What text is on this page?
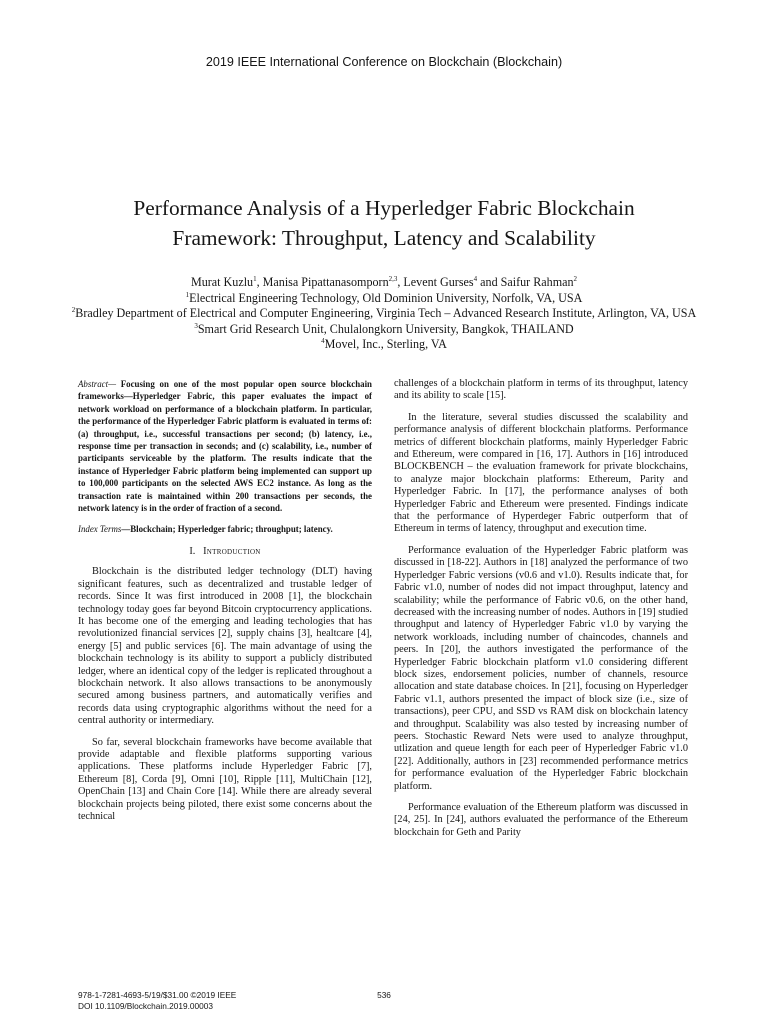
2019 IEEE International Conference on Blockchain (Blockchain)
Performance Analysis of a Hyperledger Fabric Blockchain
Framework: Throughput, Latency and Scalability
Murat Kuzlu$^1$, Manisa Pipattanasomporn$^{2,3}$, Levent Gurses$^4$ and Saifur Rahman$^2$
$^1$Electrical Engineering Technology, Old Dominion University, Norfolk, VA, USA
$^2$Bradley Department of Electrical and Computer Engineering, Virginia Tech – Advanced Research Institute, Arlington, VA, USA
$^3$Smart Grid Research Unit, Chulalongkorn University, Bangkok, THAILAND
$^4$Movel, Inc., Sterling, VA

Abstract— Focusing on one of the most popular open source blockchain frameworks—Hyperledger Fabric, this paper evaluates the impact of network workload on performance of a blockchain platform. In particular, the performance of the Hyperledger Fabric platform is evaluated in terms of: (a) throughput, i.e., successful transactions per second; (b) latency, i.e., response time per transaction in seconds; and (c) scalability, i.e., number of participants serviceable by the platform. The results indicate that the instance of Hyperledger Fabric platform being implemented can support up to 100,000 participants on the selected AWS EC2 instance. As long as the transaction rate is maintained within 200 transactions per seconds, the network latency is in the order of fraction of a second.

Index Terms—Blockchain; Hyperledger fabric; throughput; latency.

I. Introduction

Blockchain is the distributed ledger technology (DLT) having significant features, such as decentralized and trustable ledger of records. Since It was first introduced in 2008 [1], the blockchain technology today goes far beyond Bitcoin cryptocurrency applications. It has become one of the emerging and leading techologies that has revolutionized financial services [2], supply chains [3], healtcare [4], energy [5] and public services [6]. The main advantage of using the blockchain technology is its ability to support a publicly distributed ledger, where an identical copy of the ledger is replicated throughout a blockchain network. It also allows transactions to be anonymously secured among business partners, and automatically verifies and records data using cryptographic algorithms without the need for a central authority or intermediary.

So far, several blockchain frameworks have become available that provide adaptable and flexible platforms supporting various applications. These platforms include Hyperledger Fabric [7], Ethereum [8], Corda [9], Omni [10], Ripple [11], MultiChain [12], OpenChain [13] and Chain Core [14]. While there are already several blockchain projects being piloted, there exist some concerns about the technical

challenges of a blockchain platform in terms of its throughput, latency and its ability to scale [15].

In the literature, several studies discussed the scalability and performance analysis of different blockchain platforms. Performance metrics of different blockchain platforms, mainly Hyperledger Fabric and Ethereum, were compared in [16, 17]. Authors in [16] introduced BLOCKBENCH – the evaluation framework for private blockchains, to analyze major blockchain platforms: Ethereum, Parity and Hyperledger Fabric. In [17], the performance analyses of both Hyperledger Fabric and Ethereum were presented. Findings indicate that the performance of Hyperdeger Fabric outperform that of Ethereum in terms of latency, throughput and execution time.

Performance evaluation of the Hyperledger Fabric platform was discussed in [18-22]. Authors in [18] analyzed the performance of two Hyperledger Fabric versions (v0.6 and v1.0). Results indicate that, for Fabric v1.0, number of nodes did not impact throughput, latency and scalability; while the performance of Fabric v0.6, on the other hand, decreased with the increasing number of nodes. Authors in [19] studied throughput and latency of Hyperledger Fabric v1.0 by varying the network workloads, including number of chaincodes, channels and peers. In [20], the authors investigated the performance of the Hyperledger Fabric blockchain platform v1.0 considering different block sizes, endorsement policies, number of channels, resource allocation and state database choices. In [21], focusing on Hyperledger Fabric v1.1, authors presented the impact of block size (i.e., size of transactions), peer CPU, and SSD vs RAM disk on blockchain latency and throughput. Scalability was also tested by increasing number of peers. Stochastic Reward Nets were used to analyze throughput, utlization and queue length for each peer of Hyperledger Fabric v1.0 [22]. Additionally, authors in [23] recommended performance metrics for performance evaluation of the Hyperledger Fabric blockchain platform.

Performance evaluation of the Ethereum platform was discussed in [24, 25]. In [24], authors evaluated the performance of the Ethereum blockchain for Geth and Parity

978-1-7281-4693-5/19/$31.00 ©2019 IEEE
DOI 10.1109/Blockchain.2019.00003
536
